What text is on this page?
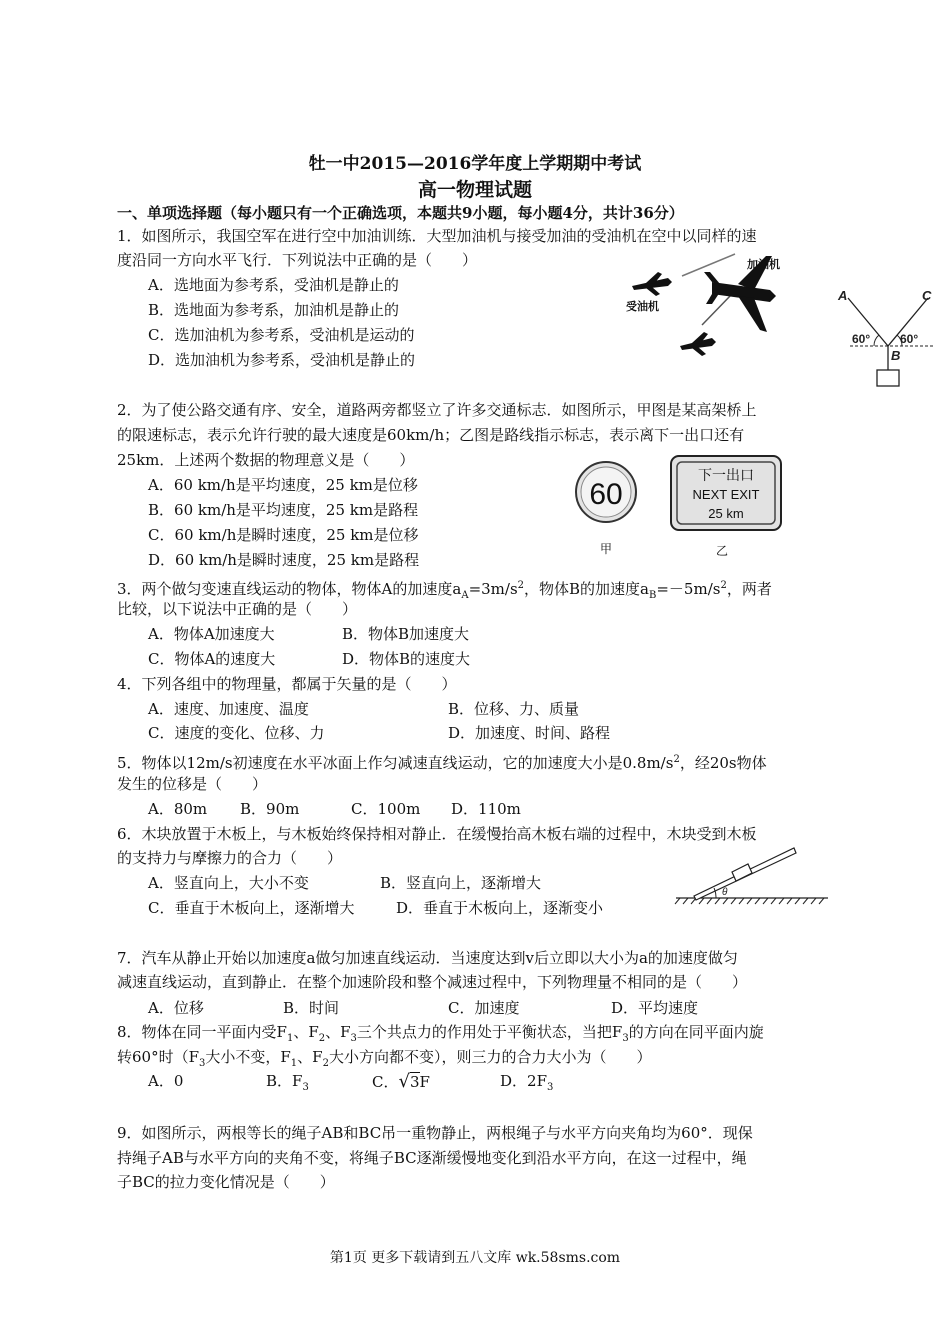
牡一中2015—2016学年度上学期期中考试
高一物理试题
一、单项选择题（每小题只有一个正确选项，本题共9小题，每小题4分，共计36分）
1．如图所示，我国空军在进行空中加油训练．大型加油机与接受加油的受油机在空中以同样的速
度沿同一方向水平飞行．下列说法中正确的是（　　）
A．选地面为参考系，受油机是静止的
B．选地面为参考系，加油机是静止的
C．选加油机为参考系，受油机是运动的
D．选加油机为参考系，受油机是静止的
加油机
受油机
A	C
B
60° 60°
2．为了使公路交通有序、安全，道路两旁都竖立了许多交通标志．如图所示，甲图是某高架桥上
的限速标志，表示允许行驶的最大速度是60km/h；乙图是路线指示标志，表示离下一出口还有
25km．上述两个数据的物理意义是（　　）
A．60 km/h是平均速度，25 km是位移
B．60 km/h是平均速度，25 km是路程
C．60 km/h是瞬时速度，25 km是位移
D．60 km/h是瞬时速度，25 km是路程
60
下一出口
NEXT EXIT
25 km
甲	乙
3．两个做匀变速直线运动的物体，物体A的加速度$a_A=3m/s^2$，物体B的加速度$a_B=-5m/s^2$，两者
比较，以下说法中正确的是（　　）
A．物体A加速度大	B．物体B加速度大
C．物体A的速度大	D．物体B的速度大
4．下列各组中的物理量，都属于矢量的是（　　）
A．速度、加速度、温度	B．位移、力、质量
C．速度的变化、位移、力	D．加速度、时间、路程
5．物体以12m/s初速度在水平冰面上作匀减速直线运动，它的加速度大小是$0.8m/s^2$，经20s物体
发生的位移是（　　）
A．80m B．90m	C．100m D．110m
6．木块放置于木板上，与木板始终保持相对静止．在缓慢抬高木板右端的过程中，木块受到木板
的支持力与摩擦力的合力（　　）
A．竖直向上，大小不变	B．竖直向上，逐渐增大
C．垂直于木板向上，逐渐增大	D．垂直于木板向上，逐渐变小
θ
7．汽车从静止开始以加速度a做匀加速直线运动．当速度达到v后立即以大小为a的加速度做匀
减速直线运动，直到静止．在整个加速阶段和整个减速过程中，下列物理量不相同的是（　　）
A．位移	B．时间	C．加速度	D．平均速度
8．物体在同一平面内受$F_1$、$F_2$、$F_3$三个共点力的作用处于平衡状态，当把$F_3$的方向在同平面内旋
转60°时（$F_3$大小不变，$F_1$、$F_2$大小方向都不变），则三力的合力大小为（　　）
A．0	B．$F_3$	C．√3F	D．$2F_3$
9．如图所示，两根等长的绳子AB和BC吊一重物静止，两根绳子与水平方向夹角均为60°．现保
持绳子AB与水平方向的夹角不变，将绳子BC逐渐缓慢地变化到沿水平方向，在这一过程中，绳
子BC的拉力变化情况是（　　）
第1页 更多下载请到五八文库 wk.58sms.com
